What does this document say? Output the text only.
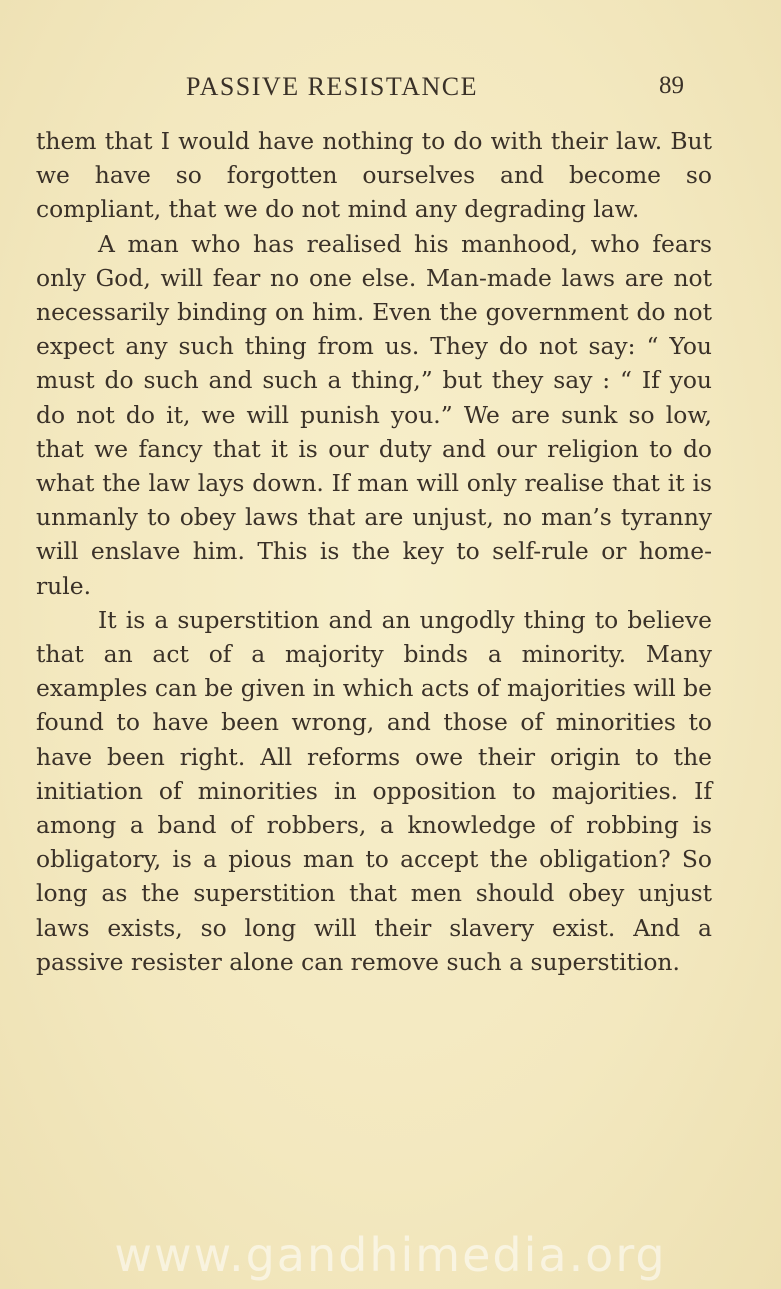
PASSIVE RESISTANCE	89

them that I would have nothing to do with their law. But we have so forgotten ourselves and become so compliant, that we do not mind any degrading law.

A man who has realised his manhood, who fears only God, will fear no one else. Man-made laws are not necessarily binding on him. Even the government do not expect any such thing from us. They do not say: “ You must do such and such a thing,” but they say : “ If you do not do it, we will punish you.” We are sunk so low, that we fancy that it is our duty and our religion to do what the law lays down. If man will only realise that it is unmanly to obey laws that are unjust, no man’s tyranny will enslave him. This is the key to self-rule or home-rule.

It is a superstition and an ungodly thing to believe that an act of a majority binds a minority. Many examples can be given in which acts of majorities will be found to have been wrong, and those of minorities to have been right. All reforms owe their origin to the initiation of minorities in opposition to majorities. If among a band of robbers, a knowledge of robbing is obligatory, is a pious man to accept the obligation? So long as the superstition that men should obey unjust laws exists, so long will their slavery exist. And a passive resister alone can remove such a superstition.

www.gandhimedia.org
